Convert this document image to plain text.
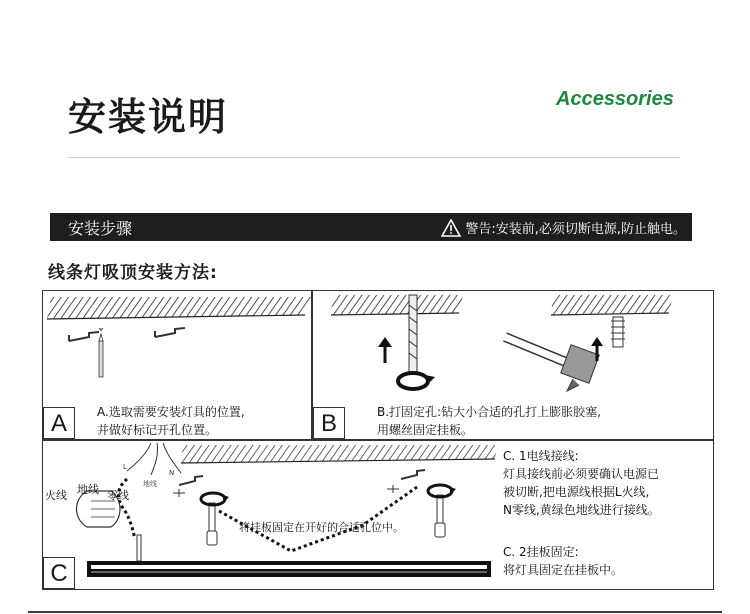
安装说明	Accessories
安装步骤	警告:安装前,必须切断电源,防止触电。
线条灯吸顶安装方法:
A	A.选取需要安装灯具的位置,
并做好标记开孔位置。	B	B.打固定孔:钻大小合适的孔打上膨胀胶塞,
用螺丝固定挂板。
火线 地线 零线
L
N
地线
将挂板固定在开好的合适孔位中。
C. 1电线接线:
灯具接线前必须要确认电源已
被切断,把电源线根据L火线,
N零线,黄绿色地线进行接线。
C. 2挂板固定:
将灯具固定在挂板中。
C
